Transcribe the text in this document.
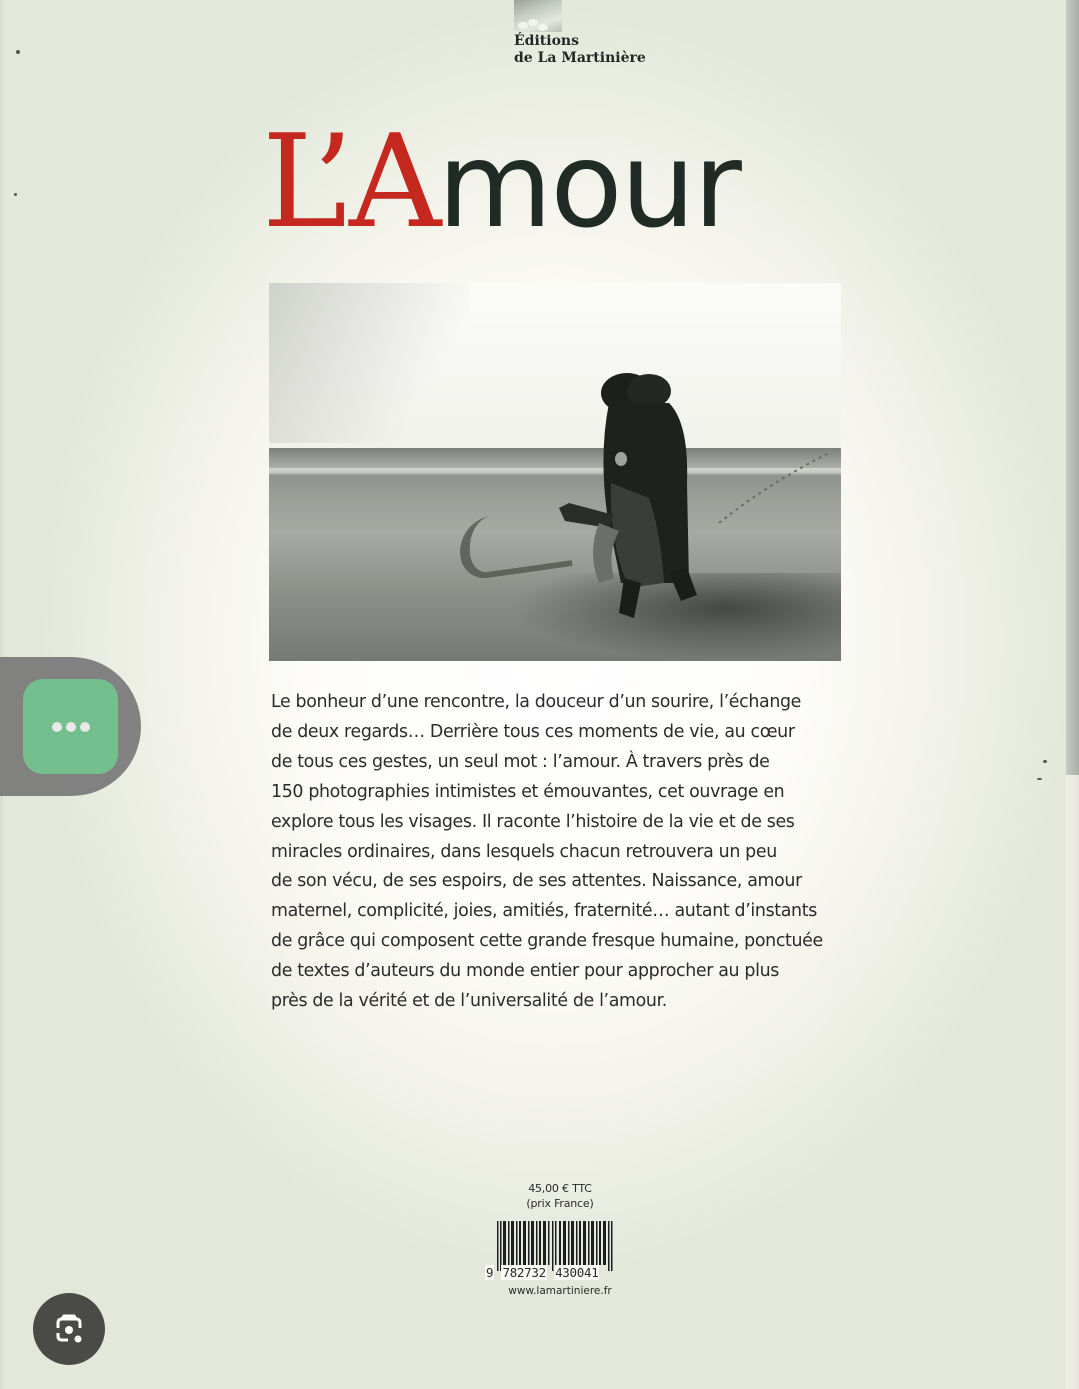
Éditions
de La Martinière
L’Amour
Le bonheur d’une rencontre, la douceur d’un sourire, l’échange
de deux regards… Derrière tous ces moments de vie, au cœur
de tous ces gestes, un seul mot : l’amour. À travers près de
150 photographies intimistes et émouvantes, cet ouvrage en
explore tous les visages. Il raconte l’histoire de la vie et de ses
miracles ordinaires, dans lesquels chacun retrouvera un peu
de son vécu, de ses espoirs, de ses attentes. Naissance, amour
maternel, complicité, joies, amitiés, fraternité… autant d’instants
de grâce qui composent cette grande fresque humaine, ponctuée
de textes d’auteurs du monde entier pour approcher au plus
près de la vérité et de l’universalité de l’amour.
45,00 € TTC
(prix France)
9 782732 430041
www.lamartiniere.fr
